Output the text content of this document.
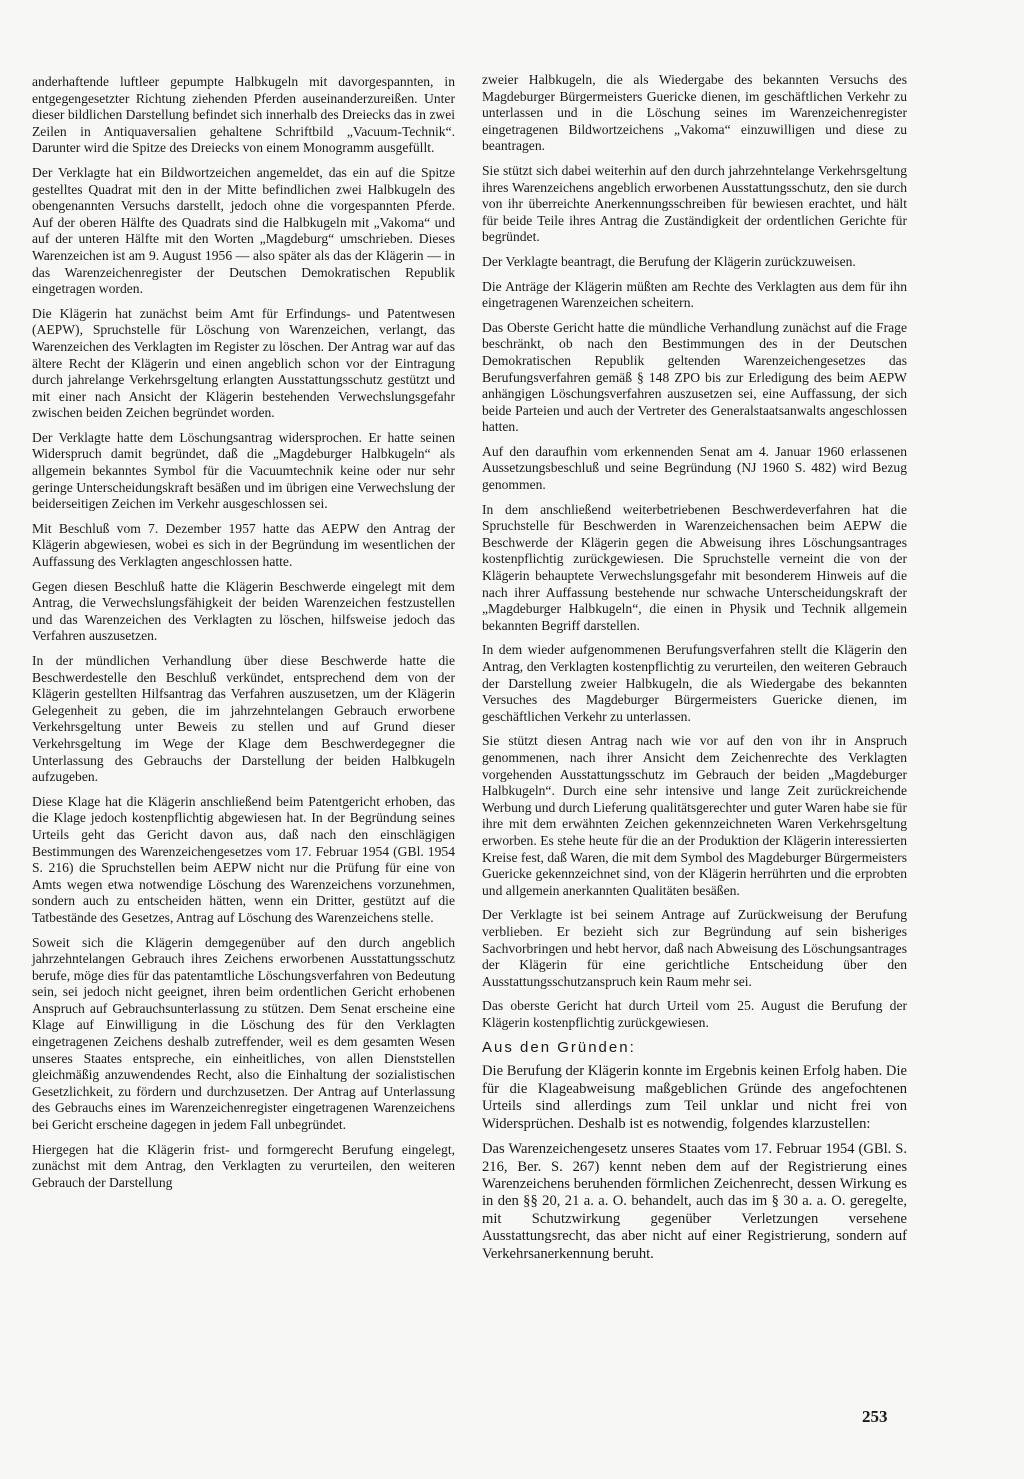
anderhaftende luftleer gepumpte Halbkugeln mit davorgespannten, in entgegengesetzter Richtung ziehenden Pferden auseinanderzureißen. Unter dieser bildlichen Darstellung befindet sich innerhalb des Dreiecks das in zwei Zeilen in Antiquaversalien gehaltene Schriftbild „Vacuum-Technik“. Darunter wird die Spitze des Dreiecks von einem Monogramm ausgefüllt.

Der Verklagte hat ein Bildwortzeichen angemeldet, das ein auf die Spitze gestelltes Quadrat mit den in der Mitte befindlichen zwei Halbkugeln des obengenannten Versuchs darstellt, jedoch ohne die vorgespannten Pferde. Auf der oberen Hälfte des Quadrats sind die Halbkugeln mit „Vakoma“ und auf der unteren Hälfte mit den Worten „Magdeburg“ umschrieben. Dieses Warenzeichen ist am 9. August 1956 — also später als das der Klägerin — in das Warenzeichenregister der Deutschen Demokratischen Republik eingetragen worden.

Die Klägerin hat zunächst beim Amt für Erfindungs- und Patentwesen (AEPW), Spruchstelle für Löschung von Warenzeichen, verlangt, das Warenzeichen des Verklagten im Register zu löschen. Der Antrag war auf das ältere Recht der Klägerin und einen angeblich schon vor der Eintragung durch jahrelange Verkehrsgeltung erlangten Ausstattungsschutz gestützt und mit einer nach Ansicht der Klägerin bestehenden Verwechslungsgefahr zwischen beiden Zeichen begründet worden.

Der Verklagte hatte dem Löschungsantrag widersprochen. Er hatte seinen Widerspruch damit begründet, daß die „Magdeburger Halbkugeln“ als allgemein bekanntes Symbol für die Vacuumtechnik keine oder nur sehr geringe Unterscheidungskraft besäßen und im übrigen eine Verwechslung der beiderseitigen Zeichen im Verkehr ausgeschlossen sei.

Mit Beschluß vom 7. Dezember 1957 hatte das AEPW den Antrag der Klägerin abgewiesen, wobei es sich in der Begründung im wesentlichen der Auffassung des Verklagten angeschlossen hatte.

Gegen diesen Beschluß hatte die Klägerin Beschwerde eingelegt mit dem Antrag, die Verwechslungsfähigkeit der beiden Warenzeichen festzustellen und das Warenzeichen des Verklagten zu löschen, hilfsweise jedoch das Verfahren auszusetzen.

In der mündlichen Verhandlung über diese Beschwerde hatte die Beschwerdestelle den Beschluß verkündet, entsprechend dem von der Klägerin gestellten Hilfsantrag das Verfahren auszusetzen, um der Klägerin Gelegenheit zu geben, die im jahrzehntelangen Gebrauch erworbene Verkehrsgeltung unter Beweis zu stellen und auf Grund dieser Verkehrsgeltung im Wege der Klage dem Beschwerdegegner die Unterlassung des Gebrauchs der Darstellung der beiden Halbkugeln aufzugeben.

Diese Klage hat die Klägerin anschließend beim Patentgericht erhoben, das die Klage jedoch kostenpflichtig abgewiesen hat. In der Begründung seines Urteils geht das Gericht davon aus, daß nach den einschlägigen Bestimmungen des Warenzeichengesetzes vom 17. Februar 1954 (GBl. 1954 S. 216) die Spruchstellen beim AEPW nicht nur die Prüfung für eine von Amts wegen etwa notwendige Löschung des Warenzeichens vorzunehmen, sondern auch zu entscheiden hätten, wenn ein Dritter, gestützt auf die Tatbestände des Gesetzes, Antrag auf Löschung des Warenzeichens stelle.

Soweit sich die Klägerin demgegenüber auf den durch angeblich jahrzehntelangen Gebrauch ihres Zeichens erworbenen Ausstattungsschutz berufe, möge dies für das patentamtliche Löschungsverfahren von Bedeutung sein, sei jedoch nicht geeignet, ihren beim ordentlichen Gericht erhobenen Anspruch auf Gebrauchsunterlassung zu stützen. Dem Senat erscheine eine Klage auf Einwilligung in die Löschung des für den Verklagten eingetragenen Zeichens deshalb zutreffender, weil es dem gesamten Wesen unseres Staates entspreche, ein einheitliches, von allen Dienststellen gleichmäßig anzuwendendes Recht, also die Einhaltung der sozialistischen Gesetzlichkeit, zu fördern und durchzusetzen. Der Antrag auf Unterlassung des Gebrauchs eines im Warenzeichenregister eingetragenen Warenzeichens bei Gericht erscheine dagegen in jedem Fall unbegründet.

Hiergegen hat die Klägerin frist- und formgerecht Berufung eingelegt, zunächst mit dem Antrag, den Verklagten zu verurteilen, den weiteren Gebrauch der Darstellung

zweier Halbkugeln, die als Wiedergabe des bekannten Versuchs des Magdeburger Bürgermeisters Guericke dienen, im geschäftlichen Verkehr zu unterlassen und in die Löschung seines im Warenzeichenregister eingetragenen Bildwortzeichens „Vakoma“ einzuwilligen und diese zu beantragen.

Sie stützt sich dabei weiterhin auf den durch jahrzehntelange Verkehrsgeltung ihres Warenzeichens angeblich erworbenen Ausstattungsschutz, den sie durch von ihr überreichte Anerkennungsschreiben für bewiesen erachtet, und hält für beide Teile ihres Antrag die Zuständigkeit der ordentlichen Gerichte für begründet.

Der Verklagte beantragt, die Berufung der Klägerin zurückzuweisen.

Die Anträge der Klägerin müßten am Rechte des Verklagten aus dem für ihn eingetragenen Warenzeichen scheitern.

Das Oberste Gericht hatte die mündliche Verhandlung zunächst auf die Frage beschränkt, ob nach den Bestimmungen des in der Deutschen Demokratischen Republik geltenden Warenzeichengesetzes das Berufungsverfahren gemäß § 148 ZPO bis zur Erledigung des beim AEPW anhängigen Löschungsverfahren auszusetzen sei, eine Auffassung, der sich beide Parteien und auch der Vertreter des Generalstaatsanwalts angeschlossen hatten.

Auf den daraufhin vom erkennenden Senat am 4. Januar 1960 erlassenen Aussetzungsbeschluß und seine Begründung (NJ 1960 S. 482) wird Bezug genommen.

In dem anschließend weiterbetriebenen Beschwerdeverfahren hat die Spruchstelle für Beschwerden in Warenzeichensachen beim AEPW die Beschwerde der Klägerin gegen die Abweisung ihres Löschungsantrages kostenpflichtig zurückgewiesen. Die Spruchstelle verneint die von der Klägerin behauptete Verwechslungsgefahr mit besonderem Hinweis auf die nach ihrer Auffassung bestehende nur schwache Unterscheidungskraft der „Magdeburger Halbkugeln“, die einen in Physik und Technik allgemein bekannten Begriff darstellen.

In dem wieder aufgenommenen Berufungsverfahren stellt die Klägerin den Antrag, den Verklagten kostenpflichtig zu verurteilen, den weiteren Gebrauch der Darstellung zweier Halbkugeln, die als Wiedergabe des bekannten Versuches des Magdeburger Bürgermeisters Guericke dienen, im geschäftlichen Verkehr zu unterlassen.

Sie stützt diesen Antrag nach wie vor auf den von ihr in Anspruch genommenen, nach ihrer Ansicht dem Zeichenrechte des Verklagten vorgehenden Ausstattungsschutz im Gebrauch der beiden „Magdeburger Halbkugeln“. Durch eine sehr intensive und lange Zeit zurückreichende Werbung und durch Lieferung qualitätsgerechter und guter Waren habe sie für ihre mit dem erwähnten Zeichen gekennzeichneten Waren Verkehrsgeltung erworben. Es stehe heute für die an der Produktion der Klägerin interessierten Kreise fest, daß Waren, die mit dem Symbol des Magdeburger Bürgermeisters Guericke gekennzeichnet sind, von der Klägerin herrührten und die erprobten und allgemein anerkannten Qualitäten besäßen.

Der Verklagte ist bei seinem Antrage auf Zurückweisung der Berufung verblieben. Er bezieht sich zur Begründung auf sein bisheriges Sachvorbringen und hebt hervor, daß nach Abweisung des Löschungsantrages der Klägerin für eine gerichtliche Entscheidung über den Ausstattungsschutzanspruch kein Raum mehr sei.

Das oberste Gericht hat durch Urteil vom 25. August die Berufung der Klägerin kostenpflichtig zurückgewiesen.

Aus den Gründen:

Die Berufung der Klägerin konnte im Ergebnis keinen Erfolg haben. Die für die Klageabweisung maßgeblichen Gründe des angefochtenen Urteils sind allerdings zum Teil unklar und nicht frei von Widersprüchen. Deshalb ist es notwendig, folgendes klarzustellen:

Das Warenzeichengesetz unseres Staates vom 17. Februar 1954 (GBl. S. 216, Ber. S. 267) kennt neben dem auf der Registrierung eines Warenzeichens beruhenden förmlichen Zeichenrecht, dessen Wirkung es in den §§ 20, 21 a. a. O. behandelt, auch das im § 30 a. a. O. geregelte, mit Schutzwirkung gegenüber Verletzungen versehene Ausstattungsrecht, das aber nicht auf einer Registrierung, sondern auf Verkehrsanerkennung beruht.

253
